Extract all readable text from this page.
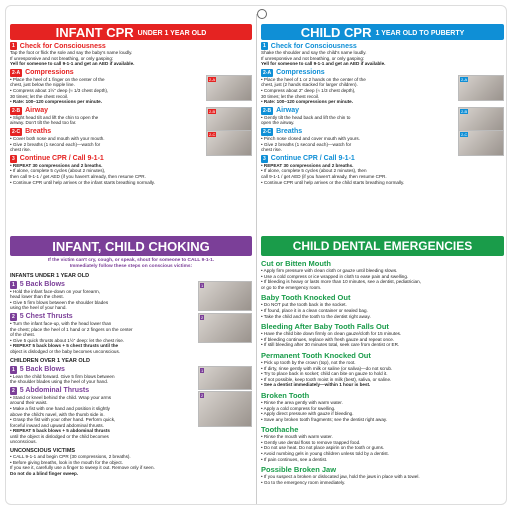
INFANT CPR UNDER 1 YEAR OLD
1 Check for Consciousness
Tap the foot or flick the sole and say the baby's name loudly.
If unresponsive and not breathing, or only gasping:
Yell for someone to call 9-1-1 and get an AED if available.
2-A
2-A Compressions
• Place the heel of 1 finger on the center of the
chest, just below the nipple line.
• Compress about 1½" deep (≈ 1/3 chest depth),
30 times; let the chest recoil.
• Rate: 100–120 compressions per minute.
2-B
2-B Airway
• Slight head tilt and lift the chin to open the
airway. Don't tilt the head too far.
2-C
2-C Breaths
• Cover both nose and mouth with your mouth.
• Give 2 breaths (1 second each)—watch for
chest rise.
3 Continue CPR / Call 9-1-1
• REPEAT 30 compressions and 2 breaths.
• If alone, complete 5 cycles (about 2 minutes),
then call 9-1-1 / get AED (if you haven't already, then resume CPR.
• Continue CPR until help arrives or the infant starts breathing normally.
CHILD CPR 1 YEAR OLD TO PUBERTY
1 Check for Consciousness
Shake the shoulder and say the child's name loudly.
If unresponsive and not breathing, or only gasping:
Yell for someone to call 9-1-1 and get an AED if available.
2-A
2-A Compressions
• Place the heel of 1 or 2 hands on the center of the
chest, just (2 hands stacked for larger children).
• Compress about 2" deep (≈ 1/3 chest depth),
30 times; let the chest recoil.
• Rate: 100–120 compressions per minute.
2-B
2-B Airway
• Gently tilt the head back and lift the chin to
open the airway.
2-C
2-C Breaths
• Pinch nose closed and cover mouth with yours.
• Give 2 breaths (1 second each)—watch for
chest rise.
3 Continue CPR / Call 9-1-1
• REPEAT 30 compressions and 2 breaths.
• If alone, complete 5 cycles (about 2 minutes), then
call 9-1-1 / get AED (if you haven't already, then resume CPR.
• Continue CPR until help arrives or the child starts breathing normally.
INFANT, CHILD CHOKING
If the victim can't cry, cough, or speak, shout for someone to CALL 9-1-1.
Immediately follow these steps on conscious victims:
INFANTS UNDER 1 YEAR OLD
1
1 5 Back Blows
• Hold the infant face-down on your forearm,
head lower than the chest.
• Give 5 firm blows between the shoulder blades
using the heel of your hand.
2
2 5 Chest Thrusts
• Turn the infant face-up, with the head lower than
the chest; place the heel of 1 hand or 2 fingers on the center
of the chest.
• Give 5 quick thrusts about 1½" deep: let the chest rise.
• REPEAT 5 back blows + 5 chest thrusts until the
object is dislodged or the baby becomes unconscious.
CHILDREN OVER 1 YEAR OLD
1
1 5 Back Blows
• Lean the child forward. Give 5 firm blows between
the shoulder blades using the heel of your hand.
2
2 5 Abdominal Thrusts
• Stand or kneel behind the child. Wrap your arms
around their waist.
• Make a fist with one hand and position it slightly
above the child's navel, with the thumb side in.
• Grasp the fist with your other hand. Perform quick,
forceful inward and upward abdominal thrusts.
• REPEAT 5 back blows + 5 abdominal thrusts
until the object is dislodged or the child becomes
unconscious.
UNCONSCIOUS VICTIMS
• CALL 9-1-1 and begin CPR (30 compressions, 2 breaths).
• Before giving breaths, look in the mouth for the object.
If you see it, carefully use a finger to sweep it out. Remove only if seen.
Do not do a blind finger sweep.
CHILD DENTAL EMERGENCIES
Cut or Bitten Mouth
• Apply firm pressure with clean cloth or gauze until bleeding slows.
• Use a cold compress or ice wrapped in cloth to ease pain and swelling.
• If bleeding is heavy or lasts more than 10 minutes, see a dentist, pediatrician,
or go to the emergency room.
Baby Tooth Knocked Out
• Do NOT put the tooth back in the socket.
• If found, place it in a clean container or sealed bag.
• Take the child and the tooth to the dentist right away.
Bleeding After Baby Tooth Falls Out
• Have the child bite down firmly on clean gauze/cloth for 15 minutes.
• If bleeding continues, replace with fresh gauze and repeat once.
• If still bleeding after 30 minutes total, seek care from dentist or ER.
Permanent Tooth Knocked Out
• Pick up tooth by the crown (top), not the root.
• If dirty, rinse gently with milk or saline (or saliva)—do not scrub.
• Try to place back in socket; child can bite on gauze to hold it.
• If not possible, keep tooth moist in milk (best), saliva, or saline.
• See a dentist immediately—within 1 hour is best.
Broken Tooth
• Rinse the area gently with warm water.
• Apply a cold compress for swelling.
• Apply direct pressure with gauze if bleeding.
• Save any broken tooth fragments; see the dentist right away.
Toothache
• Rinse the mouth with warm water.
• Gently use dental floss to remove trapped food.
• Do not use heat. Do not place aspirin on the tooth or gums.
• Avoid numbing gels in young children unless told by a dentist.
• If pain continues, see a dentist.
Possible Broken Jaw
• If you suspect a broken or dislocated jaw, hold the jaws in place with a towel.
• Go to the emergency room immediately.
